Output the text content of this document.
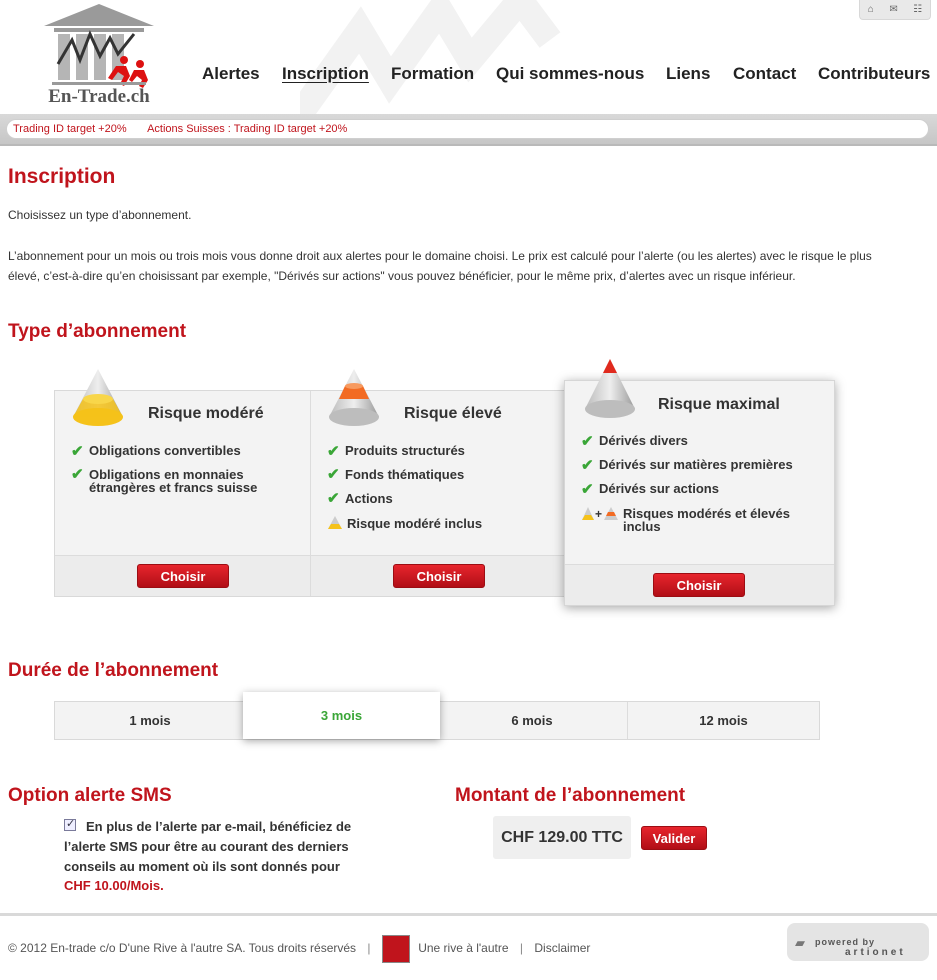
En-Trade.ch
⌂ ✉ ☷
Alertes Inscription Formation Qui sommes-nous Liens Contact Contributeurs
Trading ID target +20% Actions Suisses : Trading ID target +20%
Inscription

Choisissez un type d’abonnement.

L’abonnement pour un mois ou trois mois vous donne droit aux alertes pour le domaine choisi. Le prix est calculé pour l’alerte (ou les alertes) avec le risque le plus élevé, c’est-à-dire qu’en choisissant par exemple, "Dérivés sur actions" vous pouvez bénéficier, pour le même prix, d’alertes avec un risque inférieur.

Type d’abonnement
Risque modéré
✔ Obligations convertibles
✔ Obligations en monnaies étrangères et francs suisse
Choisir
Risque élevé
✔ Produits structurés
✔ Fonds thématiques
✔ Actions
Risque modéré inclus
Choisir
Risque maximal
✔ Dérivés divers
✔ Dérivés sur matières premières
✔ Dérivés sur actions
+ Risques modérés et élevés inclus
Choisir
Durée de l’abonnement
1 mois	6 mois	12 mois
3 mois
Option alerte SMS
En plus de l’alerte par e-mail, bénéficiez de l’alerte SMS pour être au courant des derniers conseils au moment où ils sont donnés pour
CHF 10.00/Mois.
✓
Montant de l’abonnement
CHF 129.00 TTC	Valider
© 2012 En-trade c/o D'une Rive à l'autre SA. Tous droits réservés |	Une rive à l'autre | Disclaimer	▰ powered by
artionet
